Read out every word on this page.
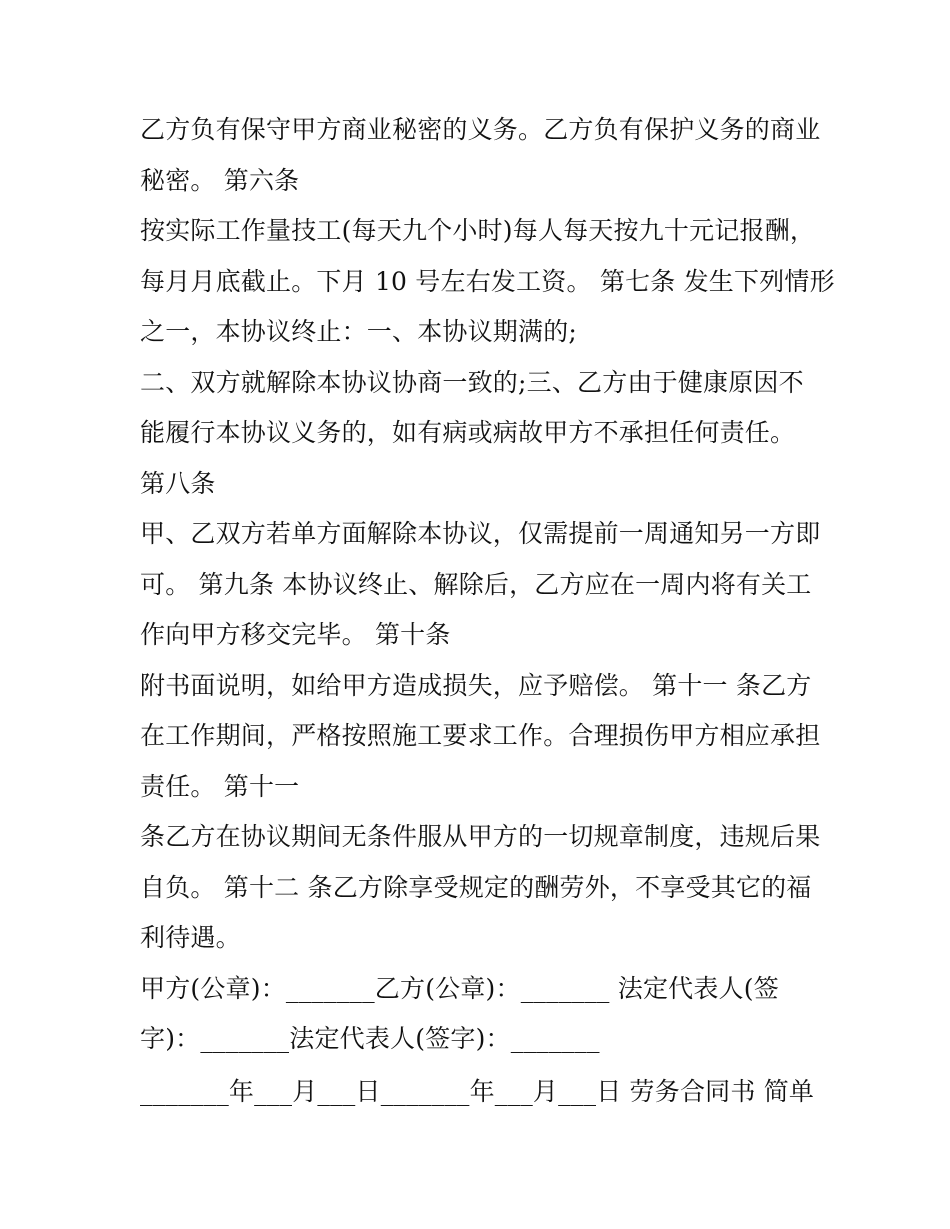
乙方负有保守甲方商业秘密的义务。乙方负有保护义务的商业
秘密。 第六条
按实际工作量技工(每天九个小时)每人每天按九十元记报酬，
每月月底截止。下月 10 号左右发工资。 第七条 发生下列情形
之一，本协议终止：一、本协议期满的;
二、双方就解除本协议协商一致的;三、乙方由于健康原因不
能履行本协议义务的，如有病或病故甲方不承担任何责任。
第八条
甲、乙双方若单方面解除本协议，仅需提前一周通知另一方即
可。 第九条 本协议终止、解除后，乙方应在一周内将有关工
作向甲方移交完毕。 第十条
附书面说明，如给甲方造成损失，应予赔偿。 第十一 条乙方
在工作期间，严格按照施工要求工作。合理损伤甲方相应承担
责任。 第十一
条乙方在协议期间无条件服从甲方的一切规章制度，违规后果
自负。 第十二 条乙方除享受规定的酬劳外，不享受其它的福
利待遇。
甲方(公章)：_______乙方(公章)：_______ 法定代表人(签
字)：_______法定代表人(签字)：_______
_______年___月___日_______年___月___日 劳务合同书 简单
